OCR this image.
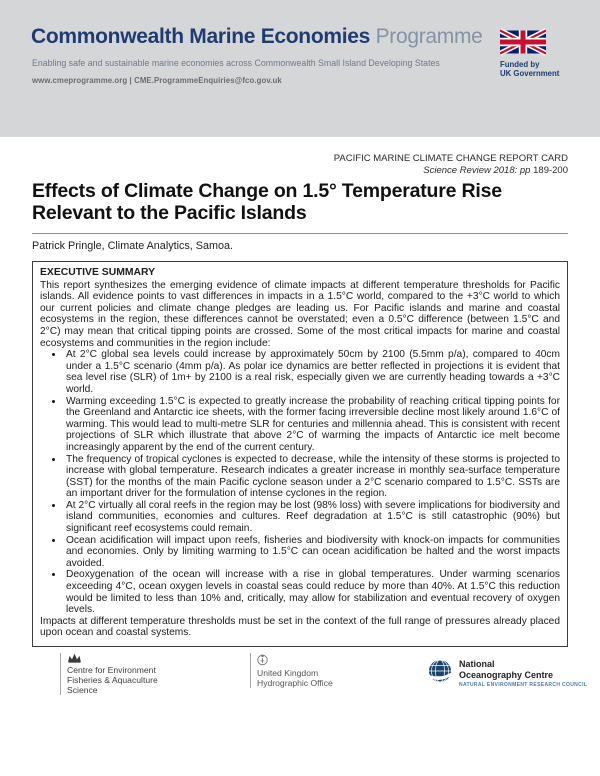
Commonwealth Marine Economies Programme
Enabling safe and sustainable marine economies across Commonwealth Small Island Developing States
www.cmeprogramme.org | CME.ProgrammeEnquiries@fco.gov.uk
Funded by
UK Government
PACIFIC MARINE CLIMATE CHANGE REPORT CARD
Science Review 2018: pp 189-200
Effects of Climate Change on 1.5° Temperature Rise Relevant to the Pacific Islands
Patrick Pringle, Climate Analytics, Samoa.
EXECUTIVE SUMMARY

This report synthesizes the emerging evidence of climate impacts at different temperature thresholds for Pacific islands. All evidence points to vast differences in impacts in a 1.5°C world, compared to the +3°C world to which our current policies and climate change pledges are leading us. For Pacific islands and marine and coastal ecosystems in the region, these differences cannot be overstated; even a 0.5°C difference (between 1.5°C and 2°C) may mean that critical tipping points are crossed. Some of the most critical impacts for marine and coastal ecosystems and communities in the region include:

• At 2°C global sea levels could increase by approximately 50cm by 2100 (5.5mm p/a), compared to 40cm under a 1.5°C scenario (4mm p/a). As polar ice dynamics are better reflected in projections it is evident that sea level rise (SLR) of 1m+ by 2100 is a real risk, especially given we are currently heading towards a +3°C world.
• Warming exceeding 1.5°C is expected to greatly increase the probability of reaching critical tipping points for the Greenland and Antarctic ice sheets, with the former facing irreversible decline most likely around 1.6°C of warming. This would lead to multi-metre SLR for centuries and millennia ahead. This is consistent with recent projections of SLR which illustrate that above 2°C of warming the impacts of Antarctic ice melt become increasingly apparent by the end of the current century.
• The frequency of tropical cyclones is expected to decrease, while the intensity of these storms is projected to increase with global temperature. Research indicates a greater increase in monthly sea-surface temperature (SST) for the months of the main Pacific cyclone season under a 2°C scenario compared to 1.5°C. SSTs are an important driver for the formulation of intense cyclones in the region.
• At 2°C virtually all coral reefs in the region may be lost (98% loss) with severe implications for biodiversity and island communities, economies and cultures. Reef degradation at 1.5°C is still catastrophic (90%) but significant reef ecosystems could remain.
• Ocean acidification will impact upon reefs, fisheries and biodiversity with knock-on impacts for communities and economies. Only by limiting warming to 1.5°C can ocean acidification be halted and the worst impacts avoided.
• Deoxygenation of the ocean will increase with a rise in global temperatures. Under warming scenarios exceeding 4°C, ocean oxygen levels in coastal seas could reduce by more than 40%. At 1.5°C this reduction would be limited to less than 10% and, critically, may allow for stabilization and eventual recovery of oxygen levels.

Impacts at different temperature thresholds must be set in the context of the full range of pressures already placed upon ocean and coastal systems.

Centre for Environment
Fisheries & Aquaculture
Science
United Kingdom
Hydrographic Office
National
Oceanography Centre
NATURAL ENVIRONMENT RESEARCH COUNCIL
